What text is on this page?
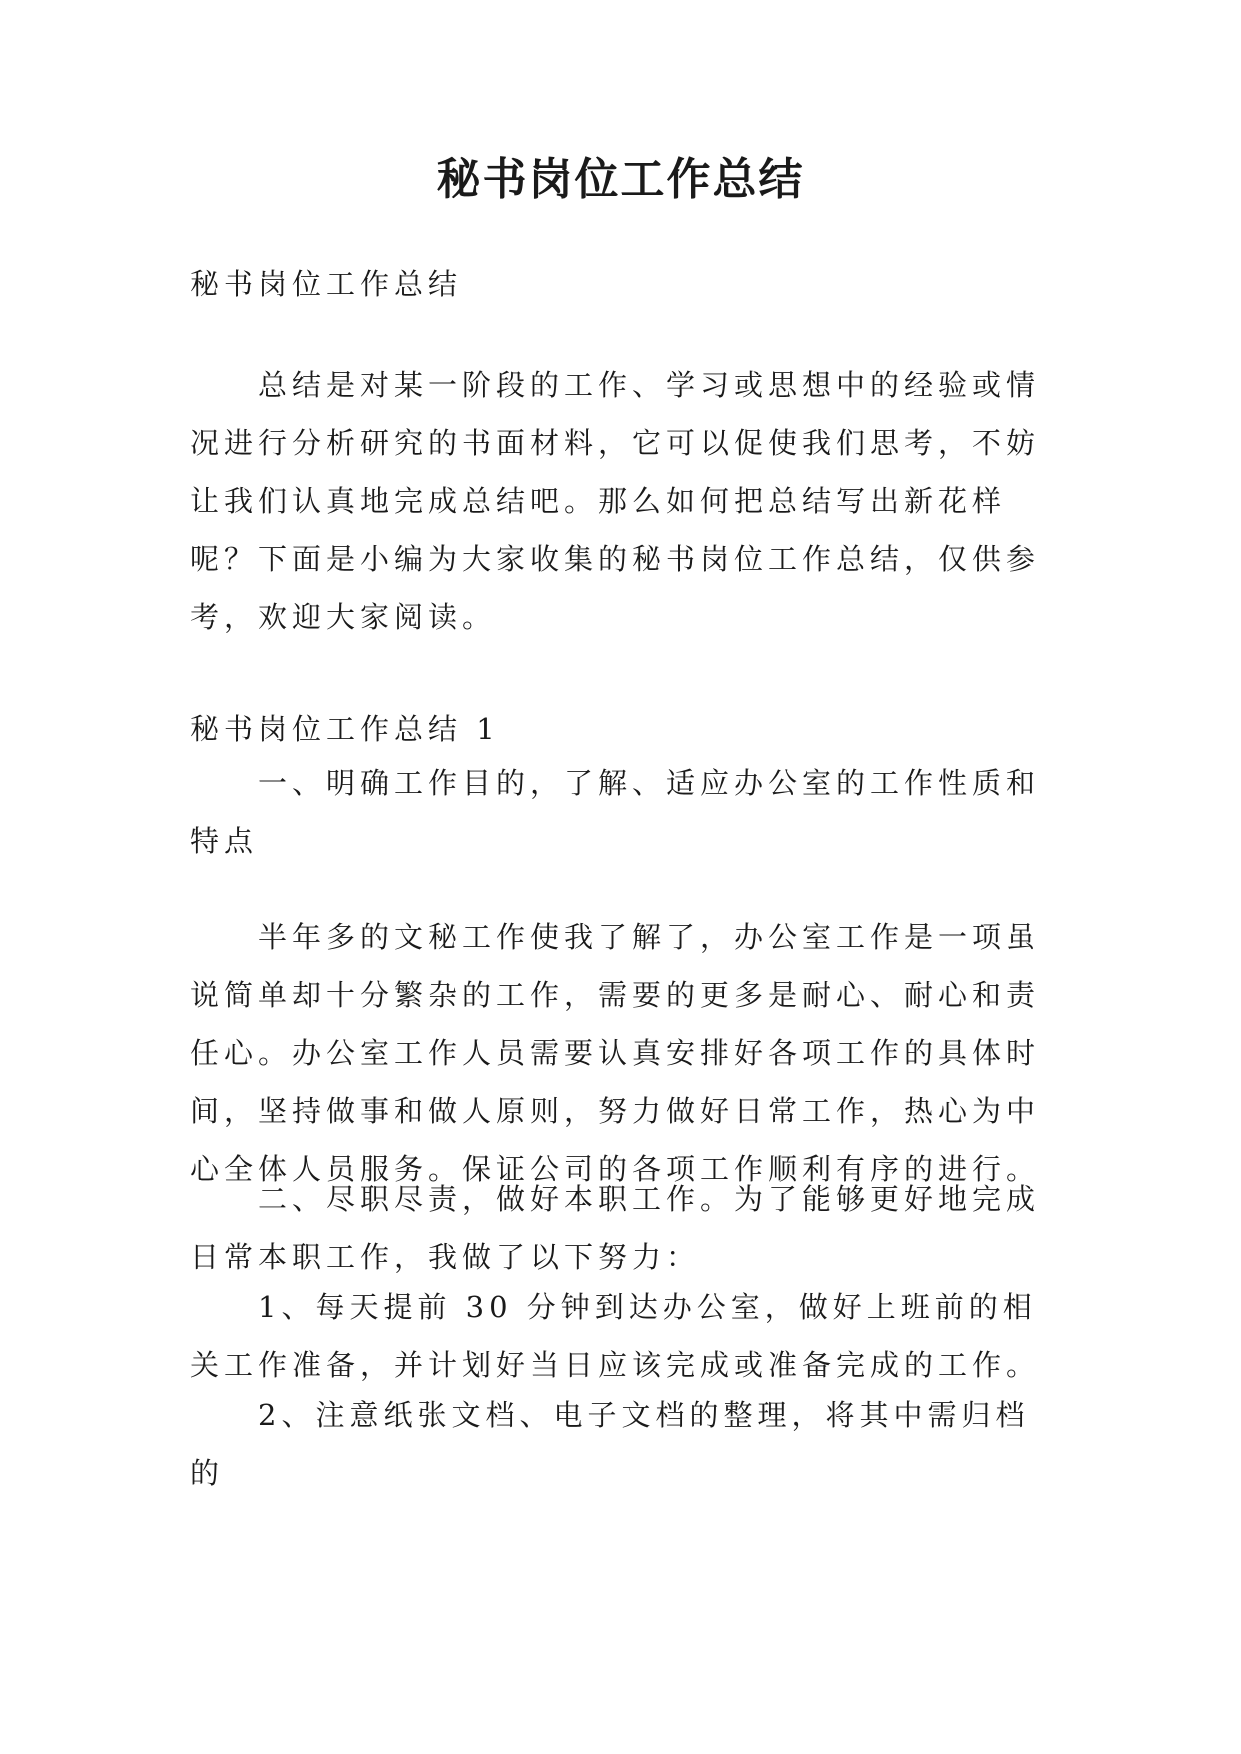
秘书岗位工作总结

秘书岗位工作总结

总结是对某一阶段的工作、学习或思想中的经验或情况进行分析研究的书面材料，它可以促使我们思考，不妨让我们认真地完成总结吧。那么如何把总结写出新花样呢？下面是小编为大家收集的秘书岗位工作总结，仅供参考，欢迎大家阅读。

秘书岗位工作总结 1

一、明确工作目的，了解、适应办公室的工作性质和特点

半年多的文秘工作使我了解了，办公室工作是一项虽说简单却十分繁杂的工作，需要的更多是耐心、耐心和责任心。办公室工作人员需要认真安排好各项工作的具体时间，坚持做事和做人原则，努力做好日常工作，热心为中心全体人员服务。保证公司的各项工作顺利有序的进行。

二、尽职尽责，做好本职工作。为了能够更好地完成日常本职工作，我做了以下努力：

1、每天提前 30 分钟到达办公室，做好上班前的相关工作准备，并计划好当日应该完成或准备完成的工作。

2、注意纸张文档、电子文档的整理，将其中需归档的
